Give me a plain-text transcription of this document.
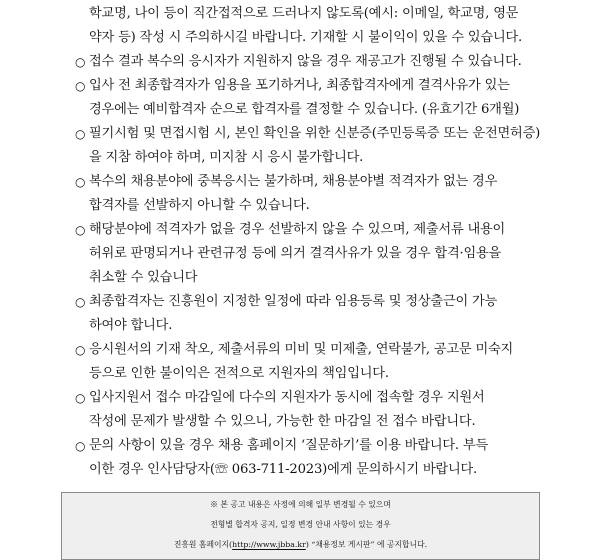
학교명, 나이 등이 직간접적으로 드러나지 않도록(예시: 이메일, 학교명, 영문
약자 등) 작성 시 주의하시길 바랍니다. 기재할 시 불이익이 있을 수 있습니다.
○ 접수 결과 복수의 응시자가 지원하지 않을 경우 재공고가 진행될 수 있습니다.
○ 입사 전 최종합격자가 임용을 포기하거나, 최종합격자에게 결격사유가 있는
경우에는 예비합격자 순으로 합격자를 결정할 수 있습니다. (유효기간 6개월)
○ 필기시험 및 면접시험 시, 본인 확인을 위한 신분증(주민등록증 또는 운전면허증)
을 지참 하여야 하며, 미지참 시 응시 불가합니다.
○ 복수의 채용분야에 중복응시는 불가하며, 채용분야별 적격자가 없는 경우
합격자를 선발하지 아니할 수 있습니다.
○ 해당분야에 적격자가 없을 경우 선발하지 않을 수 있으며, 제출서류 내용이
허위로 판명되거나 관련규정 등에 의거 결격사유가 있을 경우 합격·임용을
취소할 수 있습니다
○ 최종합격자는 진흥원이 지정한 일정에 따라 임용등록 및 정상출근이 가능
하여야 합니다.
○ 응시원서의 기재 착오, 제출서류의 미비 및 미제출, 연락불가, 공고문 미숙지
등으로 인한 불이익은 전적으로 지원자의 책임입니다.
○ 입사지원서 접수 마감일에 다수의 지원자가 동시에 접속할 경우 지원서
작성에 문제가 발생할 수 있으니, 가능한 한 마감일 전 접수 바랍니다.
○ 문의 사항이 있을 경우 채용 홈페이지 ‘질문하기’를 이용 바랍니다. 부득
이한 경우 인사담당자(☏ 063-711-2023)에게 문의하시기 바랍니다.
※ 본 공고 내용은 사정에 의해 일부 변경될 수 있으며
전형별 합격자 공지, 일정 변경 안내 사항이 있는 경우
진흥원 홈페이지(http://www.jbba.kr) “채용정보 게시판” 에 공지합니다.
